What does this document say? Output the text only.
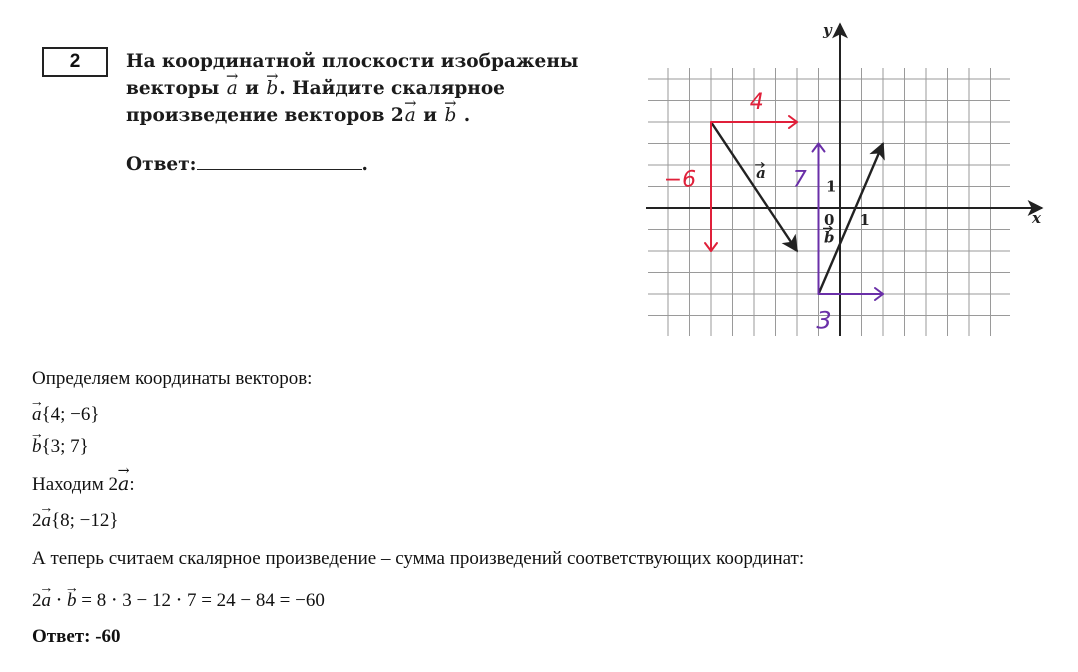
2	На координатной плоскости изображены
векторы → a и → b. Найдите скалярное
произведение векторов 2→ a и → b .
Ответ:	.
x
y
0 1
1
a
b
4
−6	7
3
Определяем координаты векторов:
→ a{4; −6}
→ b{3; 7}
Находим 2→ a:
2→ a{8; −12}
А теперь считаем скалярное произведение – сумма произведений соответствующих координат:
2→ a ⋅ → b = 8 ⋅ 3 − 12 ⋅ 7 = 24 − 84 = −60
Ответ: -60
